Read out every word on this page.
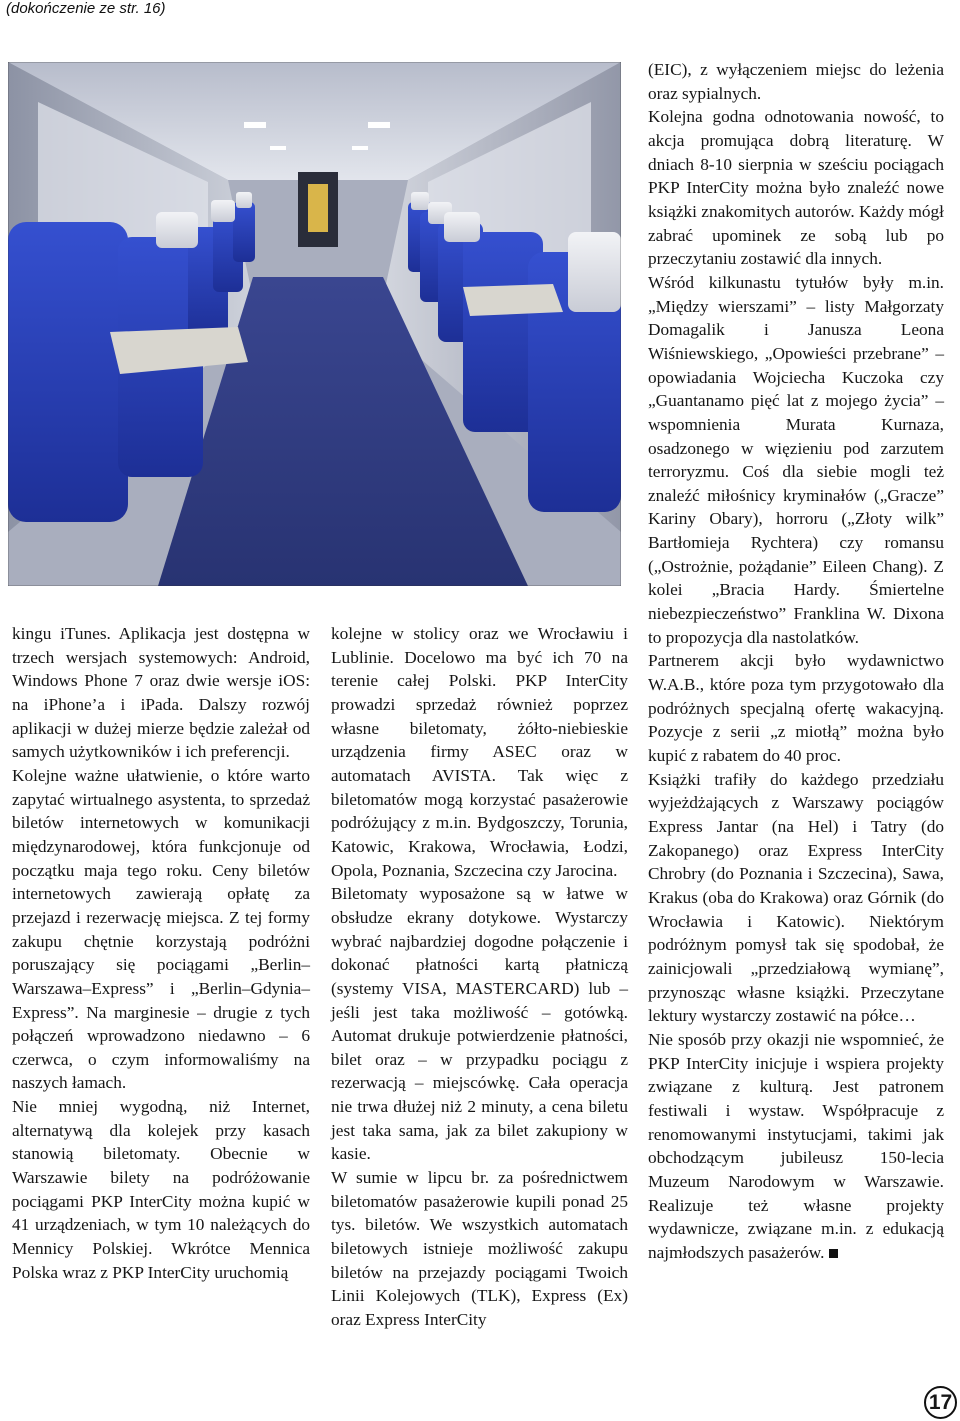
(dokończenie ze str. 16)

kingu iTunes. Aplikacja jest dostępna w trzech wersjach systemowych: Android, Windows Phone 7 oraz dwie wersje iOS: na iPhone’a i iPada. Dalszy rozwój aplikacji w dużej mierze będzie zależał od samych użytkowników i ich preferencji.

Kolejne ważne ułatwienie, o które warto zapytać wirtualnego asystenta, to sprzedaż biletów internetowych w komunikacji międzynarodowej, która funkcjonuje od początku maja tego roku. Ceny biletów internetowych zawierają opłatę za przejazd i rezerwację miejsca. Z tej formy zakupu chętnie korzystają podróżni poruszający się pociągami „Berlin–Warszawa–Express” i „Berlin–Gdynia–Express”. Na marginesie – drugie z tych połączeń wprowadzono niedawno – 6 czerwca, o czym informowaliśmy na naszych łamach.

Nie mniej wygodną, niż Internet, alternatywą dla kolejek przy kasach stanowią biletomaty. Obecnie w Warszawie bilety na podróżowanie pociągami PKP InterCity można kupić w 41 urządzeniach, w tym 10 należących do Mennicy Polskiej. Wkrótce Mennica Polska wraz z PKP InterCity uruchomią

kolejne w stolicy oraz we Wrocławiu i Lublinie. Docelowo ma być ich 70 na terenie całej Polski. PKP InterCity prowadzi sprzedaż również poprzez własne biletomaty, żółto-niebieskie urządzenia firmy ASEC oraz w automatach AVISTA. Tak więc z biletomatów mogą korzystać pasażerowie podróżujący z m.in. Bydgoszczy, Torunia, Katowic, Krakowa, Wrocławia, Łodzi, Opola, Poznania, Szczecina czy Jarocina.

Biletomaty wyposażone są w łatwe w obsłudze ekrany dotykowe. Wystarczy wybrać najbardziej dogodne połączenie i dokonać płatności kartą płatniczą (systemy VISA, MASTERCARD) lub – jeśli jest taka możliwość – gotówką. Automat drukuje potwierdzenie płatności, bilet oraz – w przypadku pociągu z rezerwacją – miejscówkę. Cała operacja nie trwa dłużej niż 2 minuty, a cena biletu jest taka sama, jak za bilet zakupiony w kasie.

W sumie w lipcu br. za pośrednictwem biletomatów pasażerowie kupili ponad 25 tys. biletów. We wszystkich automatach biletowych istnieje możliwość zakupu biletów na przejazdy pociągami Twoich Linii Kolejowych (TLK), Express (Ex) oraz Express InterCity

(EIC), z wyłączeniem miejsc do leżenia oraz sypialnych.

Kolejna godna odnotowania nowość, to akcja promująca dobrą literaturę. W dniach 8-10 sierpnia w sześciu pociągach PKP InterCity można było znaleźć nowe książki znakomitych autorów. Każdy mógł zabrać upominek ze sobą lub po przeczytaniu zostawić dla innych.

Wśród kilkunastu tytułów były m.in. „Między wierszami” – listy Małgorzaty Domagalik i Janusza Leona Wiśniewskiego, „Opowieści przebrane” – opowiadania Wojciecha Kuczoka czy „Guantanamo pięć lat z mojego życia” – wspomnienia Murata Kurnaza, osadzonego w więzieniu pod zarzutem terroryzmu. Coś dla siebie mogli też znaleźć miłośnicy kryminałów („Gracze” Kariny Obary), horroru („Złoty wilk” Bartłomieja Rychtera) czy romansu („Ostrożnie, pożądanie” Eileen Chang). Z kolei „Bracia Hardy. Śmiertelne niebezpieczeństwo” Franklina W. Dixona to propozycja dla nastolatków.

Partnerem akcji było wydawnictwo W.A.B., które poza tym przygotowało dla podróżnych specjalną ofertę wakacyjną. Pozycje z serii „z miotłą” można było kupić z rabatem do 40 proc.

Książki trafiły do każdego przedziału wyjeżdżających z Warszawy pociągów Express Jantar (na Hel) i Tatry (do Zakopanego) oraz Express InterCity Chrobry (do Poznania i Szczecina), Sawa, Krakus (oba do Krakowa) oraz Górnik (do Wrocławia i Katowic). Niektórym podróżnym pomysł tak się spodobał, że zainicjowali „przedziałową wymianę”, przynosząc własne książki. Przeczytane lektury wystarczy zostawić na półce…

Nie sposób przy okazji nie wspomnieć, że PKP InterCity inicjuje i wspiera projekty związane z kulturą. Jest patronem festiwali i wystaw. Współpracuje z renomowanymi instytucjami, takimi jak obchodzącym jubileusz 150-lecia Muzeum Narodowym w Warszawie. Realizuje też własne projekty wydawnicze, związane m.in. z edukacją najmłodszych pasażerów.

17
